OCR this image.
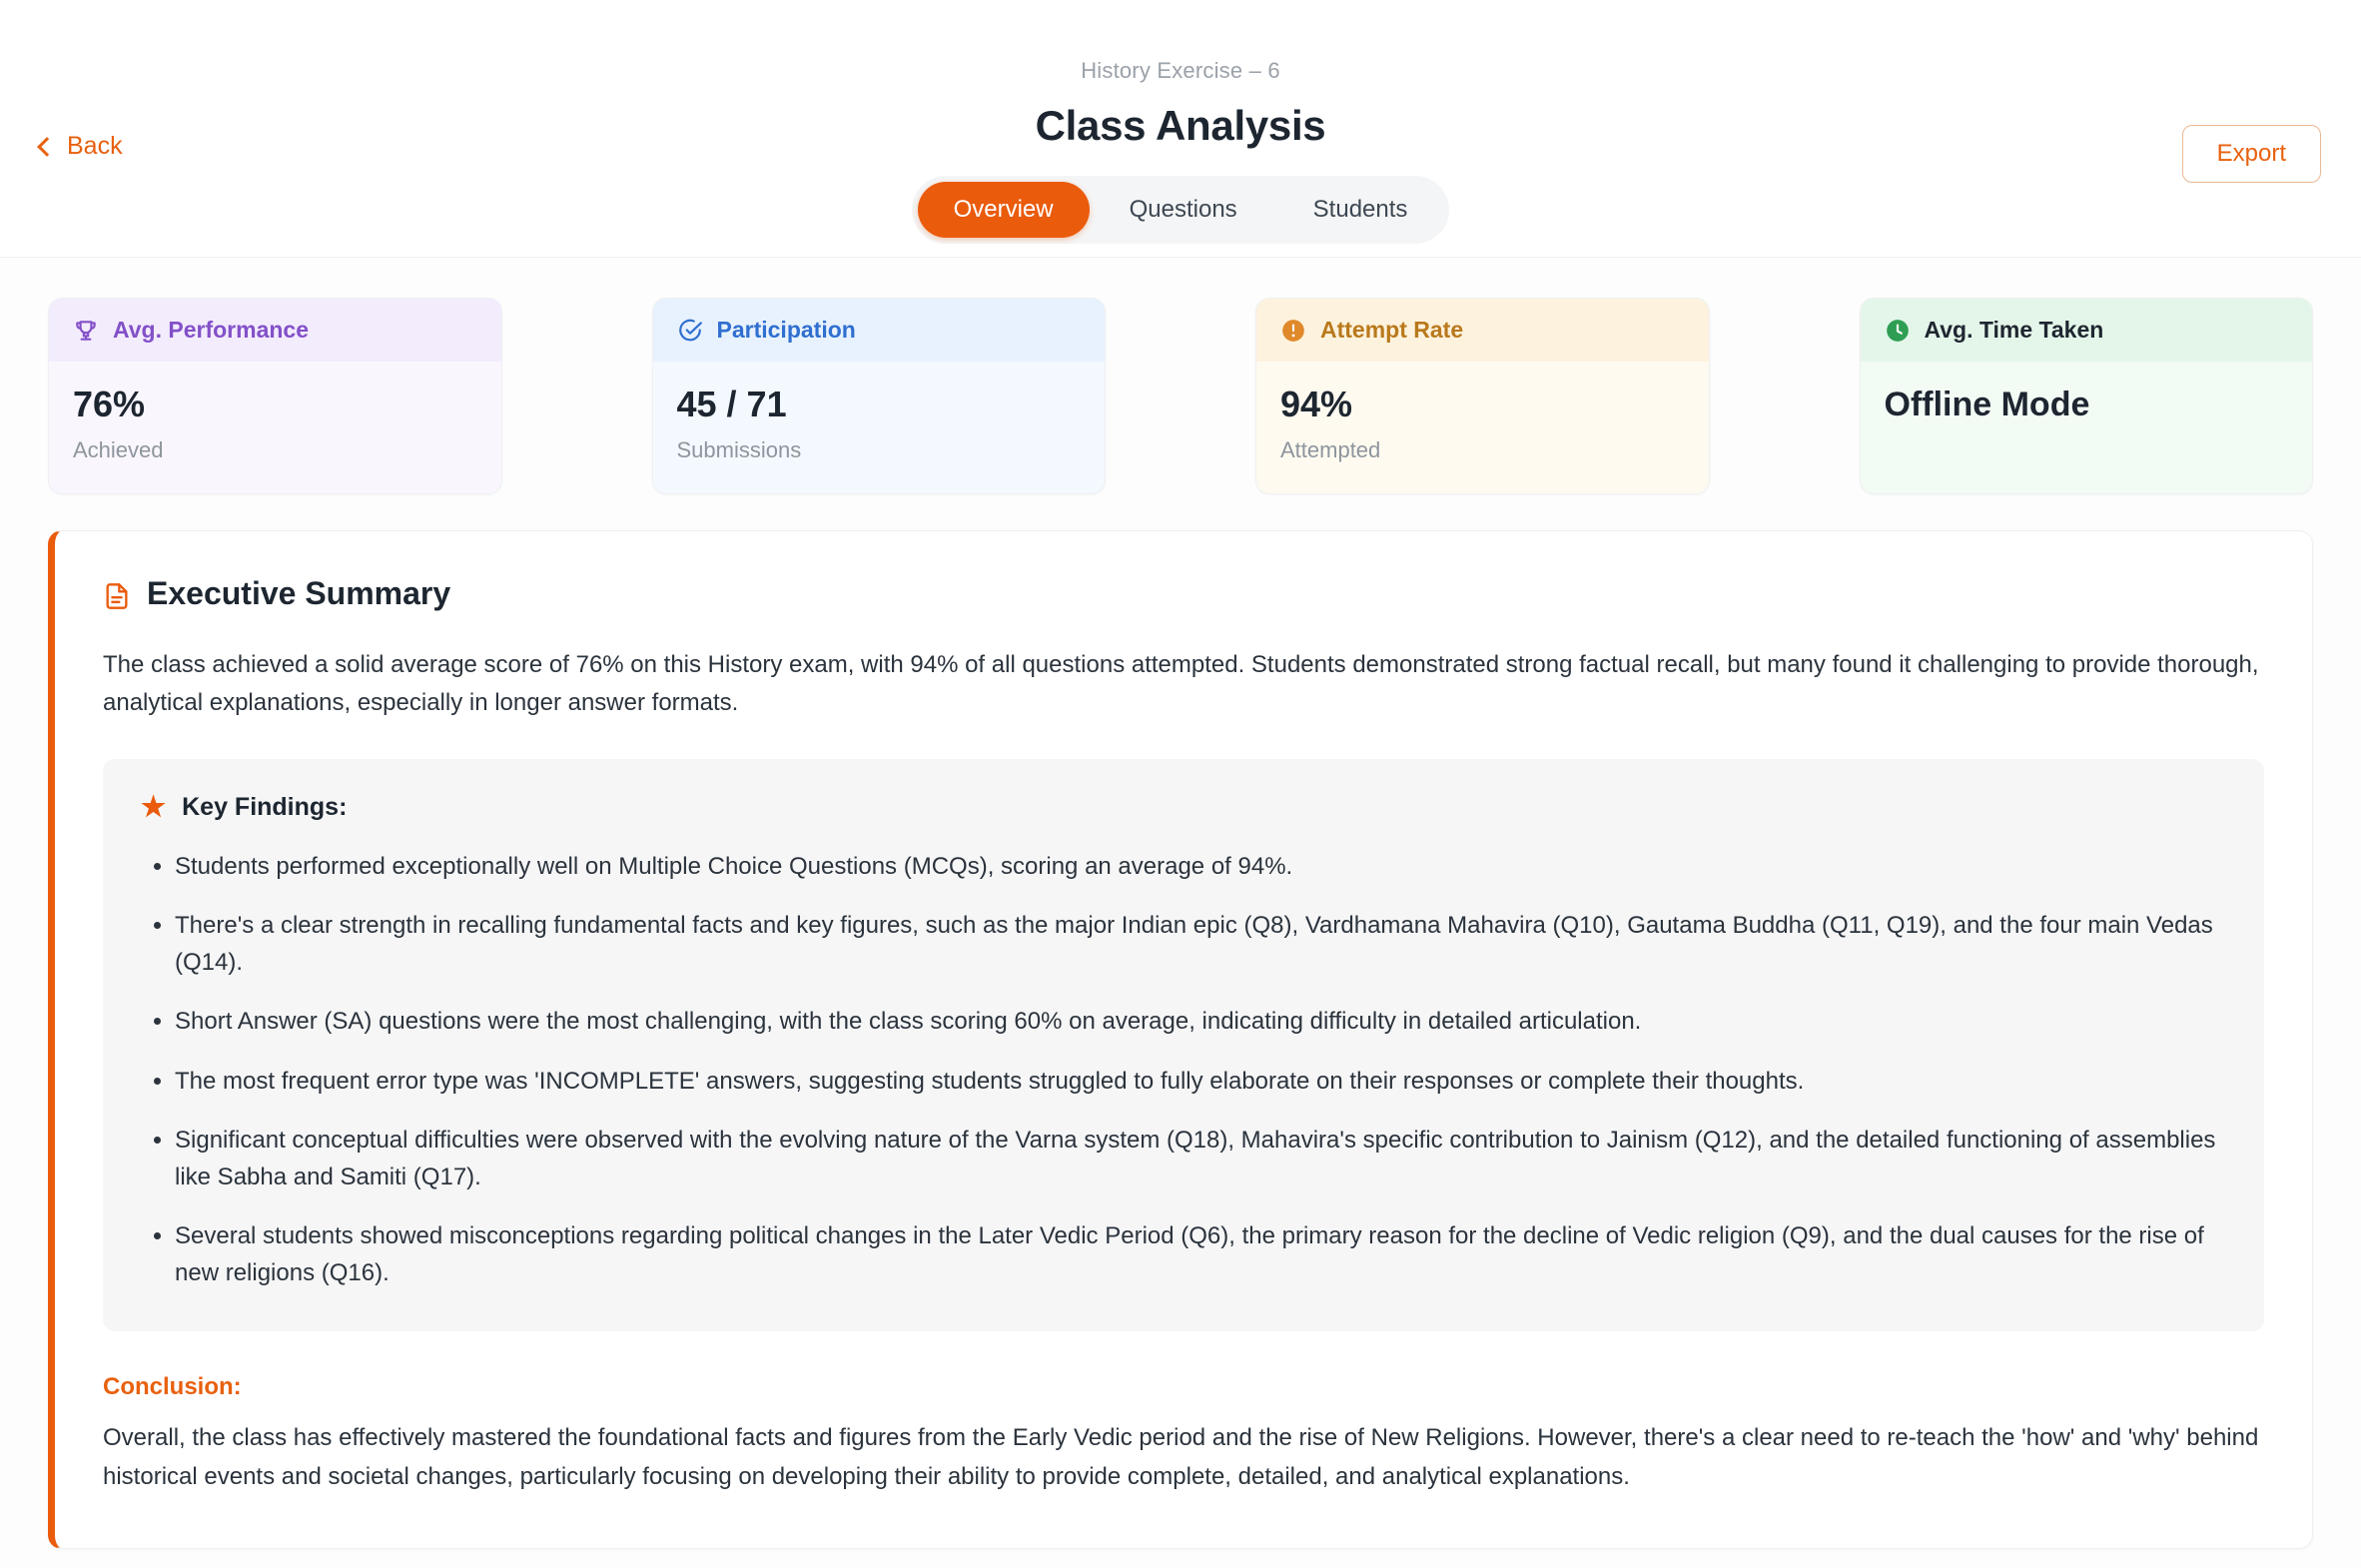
Back
History Exercise – 6
Class Analysis
Overview	Questions	Students
Export
Avg. Performance
76%
Achieved
Participation
45 / 71
Submissions
Attempt Rate
94%
Attempted
Avg. Time Taken
Offline Mode
Executive Summary
The class achieved a solid average score of 76% on this History exam, with 94% of all questions attempted. Students demonstrated strong factual recall, but many found it challenging to provide thorough, analytical explanations, especially in longer answer formats.
★ Key Findings:
• Students performed exceptionally well on Multiple Choice Questions (MCQs), scoring an average of 94%.
• There's a clear strength in recalling fundamental facts and key figures, such as the major Indian epic (Q8), Vardhamana Mahavira (Q10), Gautama Buddha (Q11, Q19), and the four main Vedas (Q14).
• Short Answer (SA) questions were the most challenging, with the class scoring 60% on average, indicating difficulty in detailed articulation.
• The most frequent error type was 'INCOMPLETE' answers, suggesting students struggled to fully elaborate on their responses or complete their thoughts.
• Significant conceptual difficulties were observed with the evolving nature of the Varna system (Q18), Mahavira's specific contribution to Jainism (Q12), and the detailed functioning of assemblies like Sabha and Samiti (Q17).
• Several students showed misconceptions regarding political changes in the Later Vedic Period (Q6), the primary reason for the decline of Vedic religion (Q9), and the dual causes for the rise of new religions (Q16).
Conclusion:
Overall, the class has effectively mastered the foundational facts and figures from the Early Vedic period and the rise of New Religions. However, there's a clear need to re-teach the 'how' and 'why' behind historical events and societal changes, particularly focusing on developing their ability to provide complete, detailed, and analytical explanations.
